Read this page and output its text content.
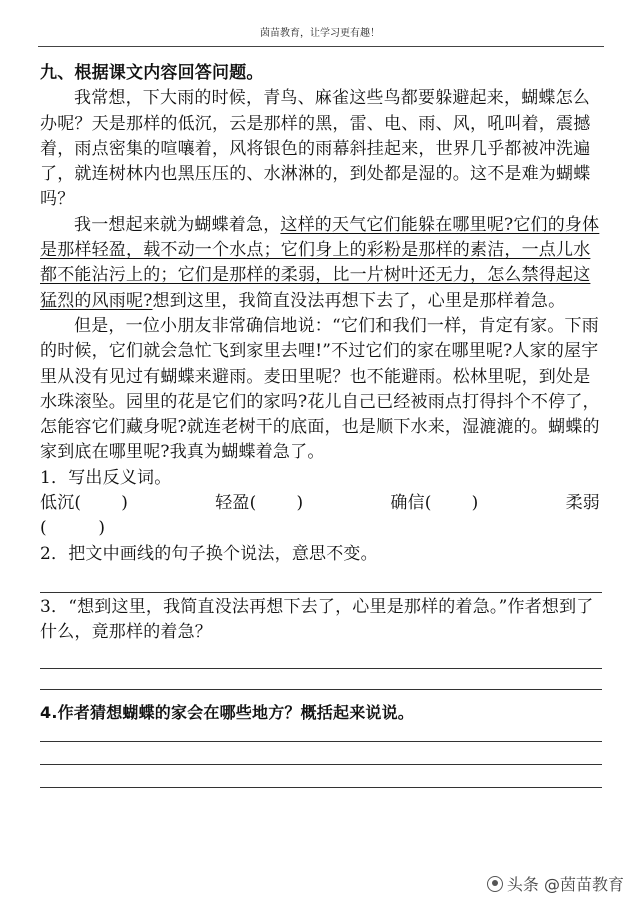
茵苗教育，让学习更有趣！

九、根据课文内容回答问题。

我常想，下大雨的时候，青鸟、麻雀这些鸟都要躲避起来，蝴蝶怎么办呢？天是那样的低沉，云是那样的黑，雷、电、雨、风，吼叫着，震撼着，雨点密集的喧嚷着，风将银色的雨幕斜挂起来，世界几乎都被冲洗遍了，就连树林内也黑压压的、水淋淋的，到处都是湿的。这不是难为蝴蝶吗？

我一想起来就为蝴蝶着急，这样的天气它们能躲在哪里呢?它们的身体是那样轻盈，载不动一个水点；它们身上的彩粉是那样的素洁，一点儿水都不能沾污上的；它们是那样的柔弱，比一片树叶还无力，怎么禁得起这猛烈的风雨呢?想到这里，我简直没法再想下去了，心里是那样着急。

但是，一位小朋友非常确信地说：“它们和我们一样，肯定有家。下雨的时候，它们就会急忙飞到家里去哩!”不过它们的家在哪里呢?人家的屋宇里从没有见过有蝴蝶来避雨。麦田里呢？也不能避雨。松林里呢，到处是水珠滚坠。园里的花是它们的家吗?花儿自己已经被雨点打得抖个不停了，怎能容它们藏身呢?就连老树干的底面，也是顺下水来，湿漉漉的。蝴蝶的家到底在哪里呢?我真为蝴蝶着急了。

1．写出反义词。

低沉(   )	轻盈(   )	确信(   )	柔弱

(　　　)

2．把文中画线的句子换个说法，意思不变。

3．“想到这里，我简直没法再想下去了，心里是那样的着急。”作者想到了什么，竟那样的着急？

4.作者猜想蝴蝶的家会在哪些地方？概括起来说说。

头条 @茵苗教育
